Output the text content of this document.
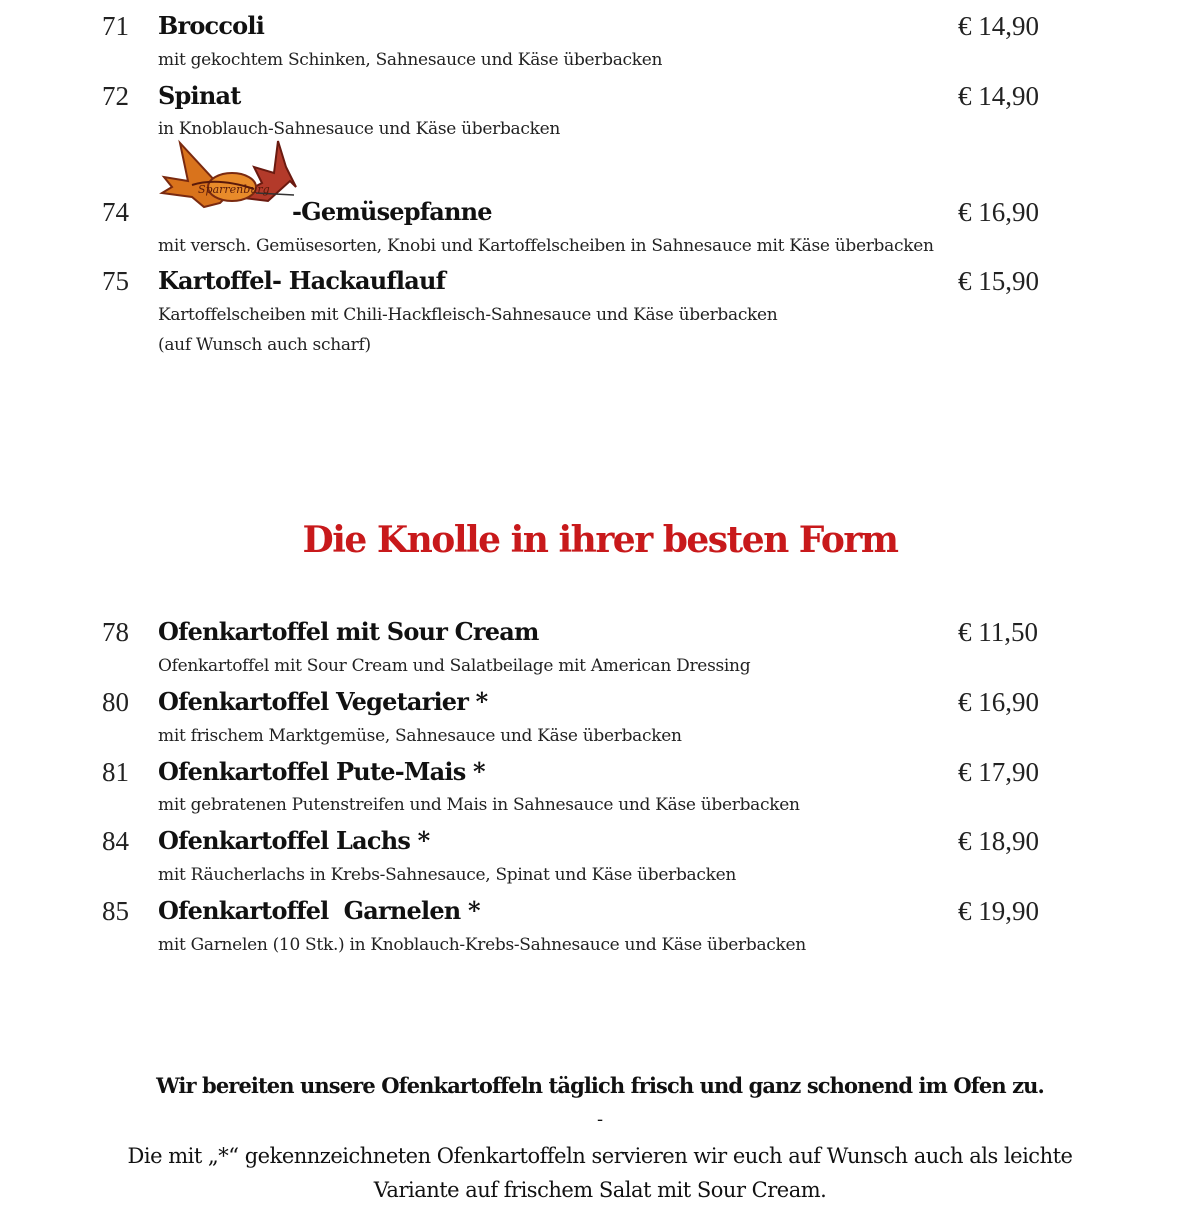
71 Broccoli	€ 14,90
mit gekochtem Schinken, Sahnesauce und Käse überbacken
72 Spinat	€ 14,90
in Knoblauch-Sahnesauce und Käse überbacken
74
Sparrenburg
-Gemüsepfanne	€ 16,90
mit versch. Gemüsesorten, Knobi und Kartoffelscheiben in Sahnesauce mit Käse überbacken
75 Kartoffel- Hackauflauf	€ 15,90
Kartoffelscheiben mit Chili-Hackfleisch-Sahnesauce und Käse überbacken
(auf Wunsch auch scharf)
Die Knolle in ihrer besten Form
78 Ofenkartoffel mit Sour Cream	€ 11,50
Ofenkartoffel mit Sour Cream und Salatbeilage mit American Dressing
80 Ofenkartoffel Vegetarier *	€ 16,90
mit frischem Marktgemüse, Sahnesauce und Käse überbacken
81 Ofenkartoffel Pute-Mais *	€ 17,90
mit gebratenen Putenstreifen und Mais in Sahnesauce und Käse überbacken
84 Ofenkartoffel Lachs *	€ 18,90
mit Räucherlachs in Krebs-Sahnesauce, Spinat und Käse überbacken
85 Ofenkartoffel  Garnelen *	€ 19,90
mit Garnelen (10 Stk.) in Knoblauch-Krebs-Sahnesauce und Käse überbacken
Wir bereiten unsere Ofenkartoffeln täglich frisch und ganz schonend im Ofen zu.
-
Die mit „*“ gekennzeichneten Ofenkartoffeln servieren wir euch auf Wunsch auch als leichte
Variante auf frischem Salat mit Sour Cream.
